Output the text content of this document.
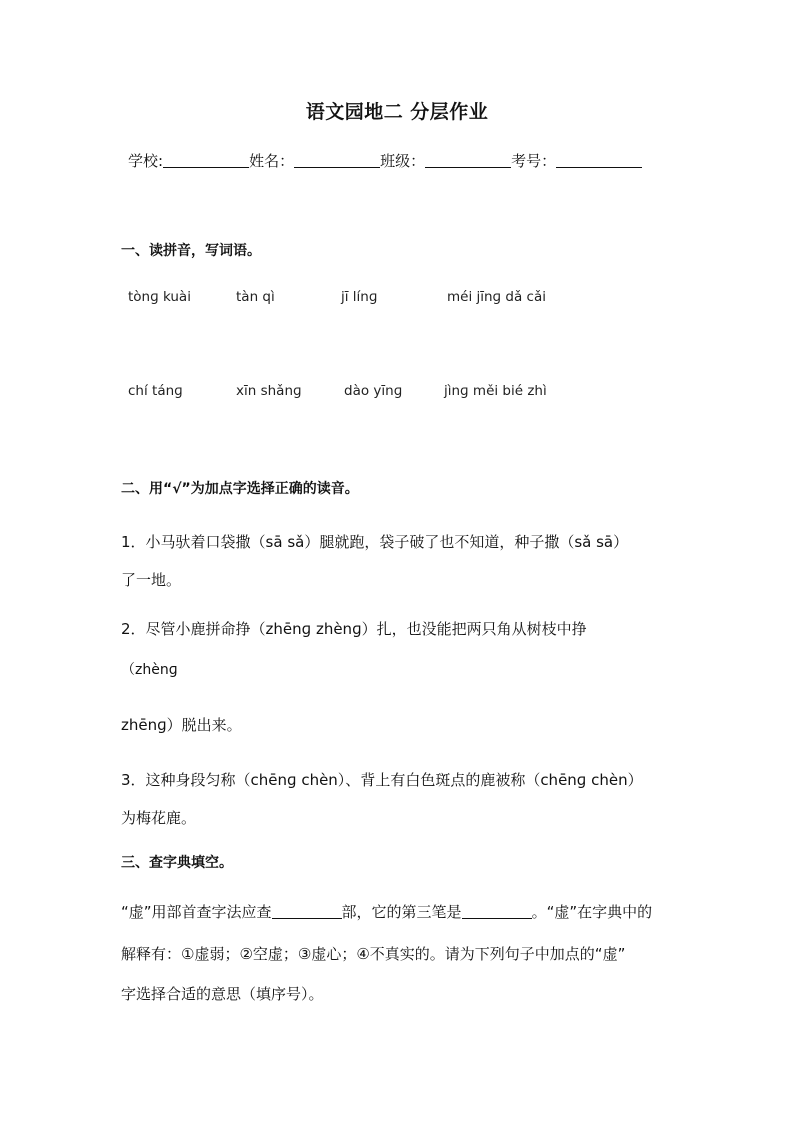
语文园地二 分层作业
学校:	姓名：	班级：	考号：
一、读拼音，写词语。
tònɡ kuài	tàn qì	jī línɡ	méi jīnɡ dǎ cǎi
chí tánɡ	xīn shǎnɡ	dào yīnɡ	jìnɡ měi bié zhì
二、用“√”为加点字选择正确的读音。
1．小马驮着口袋撒（sā sǎ）腿就跑，袋子破了也不知道，种子撒（sǎ sā）
了一地。
2．尽管小鹿拼命挣（zhēnɡ zhènɡ）扎，也没能把两只角从树枝中挣
（zhènɡ
zhēnɡ）脱出来。
3．这种身段匀称（chēnɡ chèn）、背上有白色斑点的鹿被称（chēnɡ chèn）
为梅花鹿。
三、查字典填空。
“虚”用部首查字法应查	部，它的第三笔是	。“虚”在字典中的
解释有：①虚弱；②空虚；③虚心；④不真实的。请为下列句子中加点的“虚”
字选择合适的意思（填序号）。
